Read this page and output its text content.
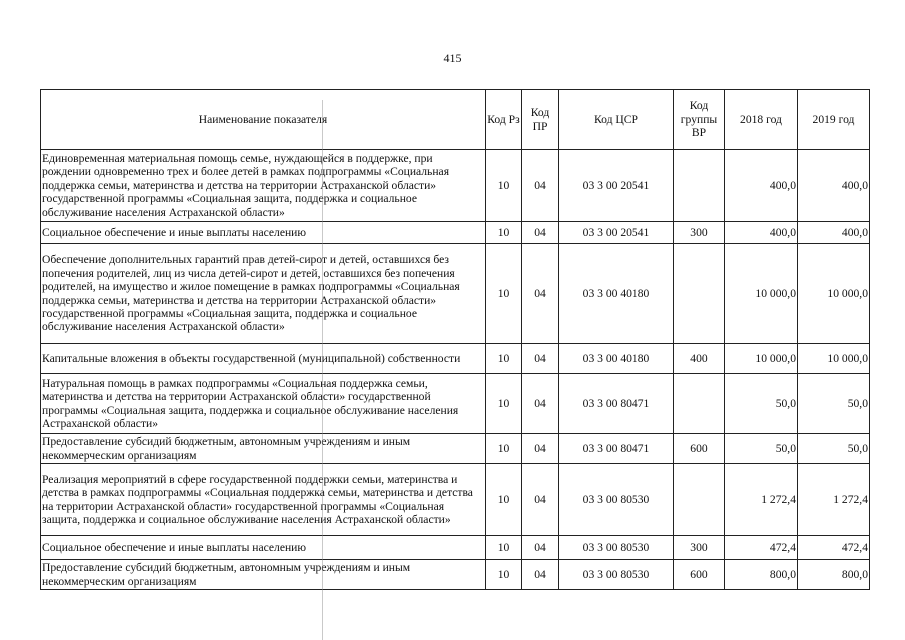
415
Наименование показателя	Код Рз	Код ПР	Код ЦСР	Код группы ВР	2018 год	2019 год
Единовременная материальная помощь семье, нуждающейся в поддержке, при рождении одновременно трех и более детей в рамках подпрограммы «Социальная поддержка семьи, материнства и детства на территории Астраханской области» государственной программы «Социальная защита, поддержка и социальное обслуживание населения Астраханской области»	10	04	03 3 00 20541		400,0	400,0
Социальное обеспечение и иные выплаты населению	10	04	03 3 00 20541	300	400,0	400,0
Обеспечение дополнительных гарантий прав детей-сирот и детей, оставшихся без попечения родителей, лиц из числа детей-сирот и детей, оставшихся без попечения родителей, на имущество и жилое помещение в рамках подпрограммы «Социальная поддержка семьи, материнства и детства на территории Астраханской области» государственной программы «Социальная защита, поддержка и социальное обслуживание населения Астраханской области»	10	04	03 3 00 40180		10 000,0	10 000,0
Капитальные вложения в объекты государственной (муниципальной) собственности	10	04	03 3 00 40180	400	10 000,0	10 000,0
Натуральная помощь в рамках подпрограммы «Социальная поддержка семьи, материнства и детства на территории Астраханской области» государственной программы «Социальная защита, поддержка и социальное обслуживание населения Астраханской области»	10	04	03 3 00 80471		50,0	50,0
Предоставление субсидий бюджетным, автономным учреждениям и иным некоммерческим организациям	10	04	03 3 00 80471	600	50,0	50,0
Реализация мероприятий в сфере государственной поддержки семьи, материнства и детства в рамках подпрограммы «Социальная поддержка семьи, материнства и детства на территории Астраханской области» государственной программы «Социальная защита, поддержка и социальное обслуживание населения Астраханской области»	10	04	03 3 00 80530		1 272,4	1 272,4
Социальное обеспечение и иные выплаты населению	10	04	03 3 00 80530	300	472,4	472,4
Предоставление субсидий бюджетным, автономным учреждениям и иным некоммерческим организациям	10	04	03 3 00 80530	600	800,0	800,0
